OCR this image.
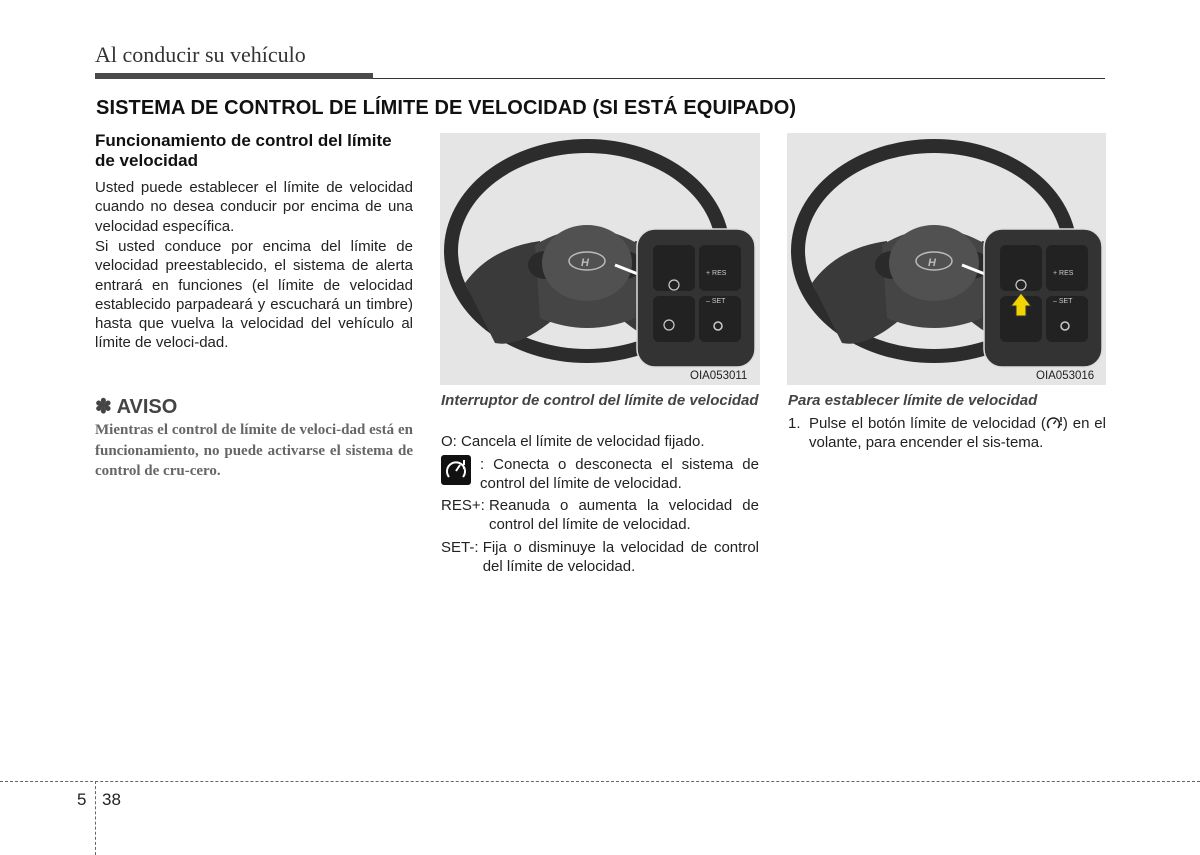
Al conducir su vehículo
SISTEMA DE CONTROL DE LÍMITE DE VELOCIDAD (SI ESTÁ EQUIPADO)
Funcionamiento de control del límite de velocidad
Usted puede establecer el límite de velocidad cuando no desea conducir por encima de una velocidad específica.
Si usted conduce por encima del límite de velocidad preestablecido, el sistema de alerta entrará en funciones (el límite de velocidad establecido parpadeará y escuchará un timbre) hasta que vuelva la velocidad del vehículo al límite de veloci-dad.
✽ AVISO
Mientras el control de límite de veloci-dad está en funcionamiento, no puede activarse el sistema de control de cru-cero.
H
+ RES
– SET
OIA053011
Interruptor de control del límite de velocidad
O: Cancela el límite de velocidad fijado.
: Conecta o desconecta el sistema de control del límite de velocidad.
RES+:
Reanuda o aumenta la velocidad de control del límite de velocidad.
SET-:
Fija o disminuye la velocidad de control del límite de velocidad.
H
+ RES
– SET
OIA053016
Para establecer límite de velocidad
1. Pulse el botón límite de velocidad ( ) en el volante, para encender el sis-tema.
5 38
